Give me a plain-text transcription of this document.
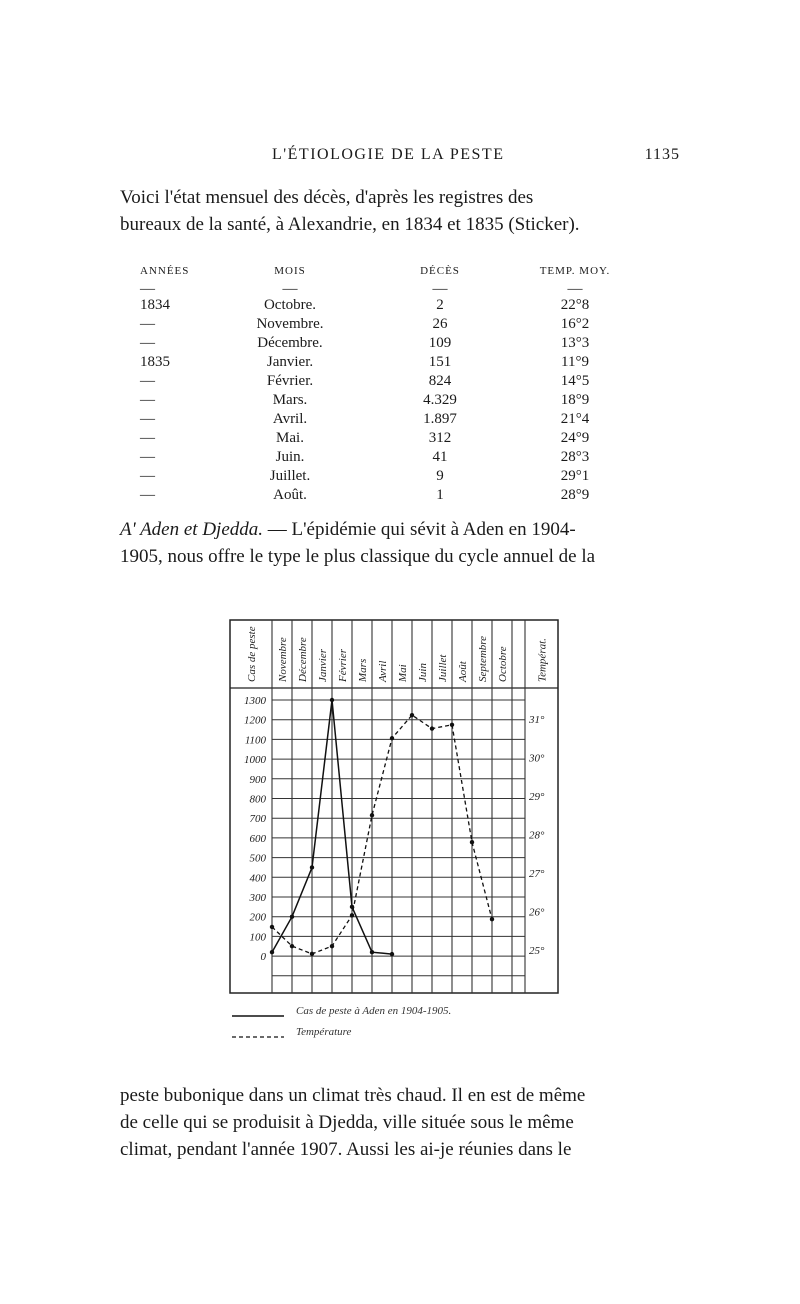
L'ÉTIOLOGIE DE LA PESTE	1135

Voici l'état mensuel des décès, d'après les registres des
bureaux de la santé, à Alexandrie, en 1834 et 1835 (Sticker).

ANNÉES	MOIS	DÉCÈS	TEMP. MOY.
—	—	—	—
1834	Octobre.	2	22°8
—	Novembre.	26	16°2
—	Décembre.	109	13°3
1835	Janvier.	151	11°9
—	Février.	824	14°5
—	Mars.	4.329	18°9
—	Avril.	1.897	21°4
—	Mai.	312	24°9
—	Juin.	41	28°3
—	Juillet.	9	29°1
—	Août.	1	28°9

A' Aden et Djedda. — L'épidémie qui sévit à Aden en 1904-
1905, nous offre le type le plus classique du cycle annuel de la

Cas de peste Novembre Décembre Janvier Février Mars Avril Mai Juin Juillet Août Septembre Octobre	Températ.
1300
1200
1100
1000
900
800
700
600
500
400
300
200
100
0
31°
30°
29°
28°
27°
26°
25°
Cas de peste à Aden en 1904-1905.
Température

peste bubonique dans un climat très chaud. Il en est de même
de celle qui se produisit à Djedda, ville située sous le même
climat, pendant l'année 1907. Aussi les ai-je réunies dans le
